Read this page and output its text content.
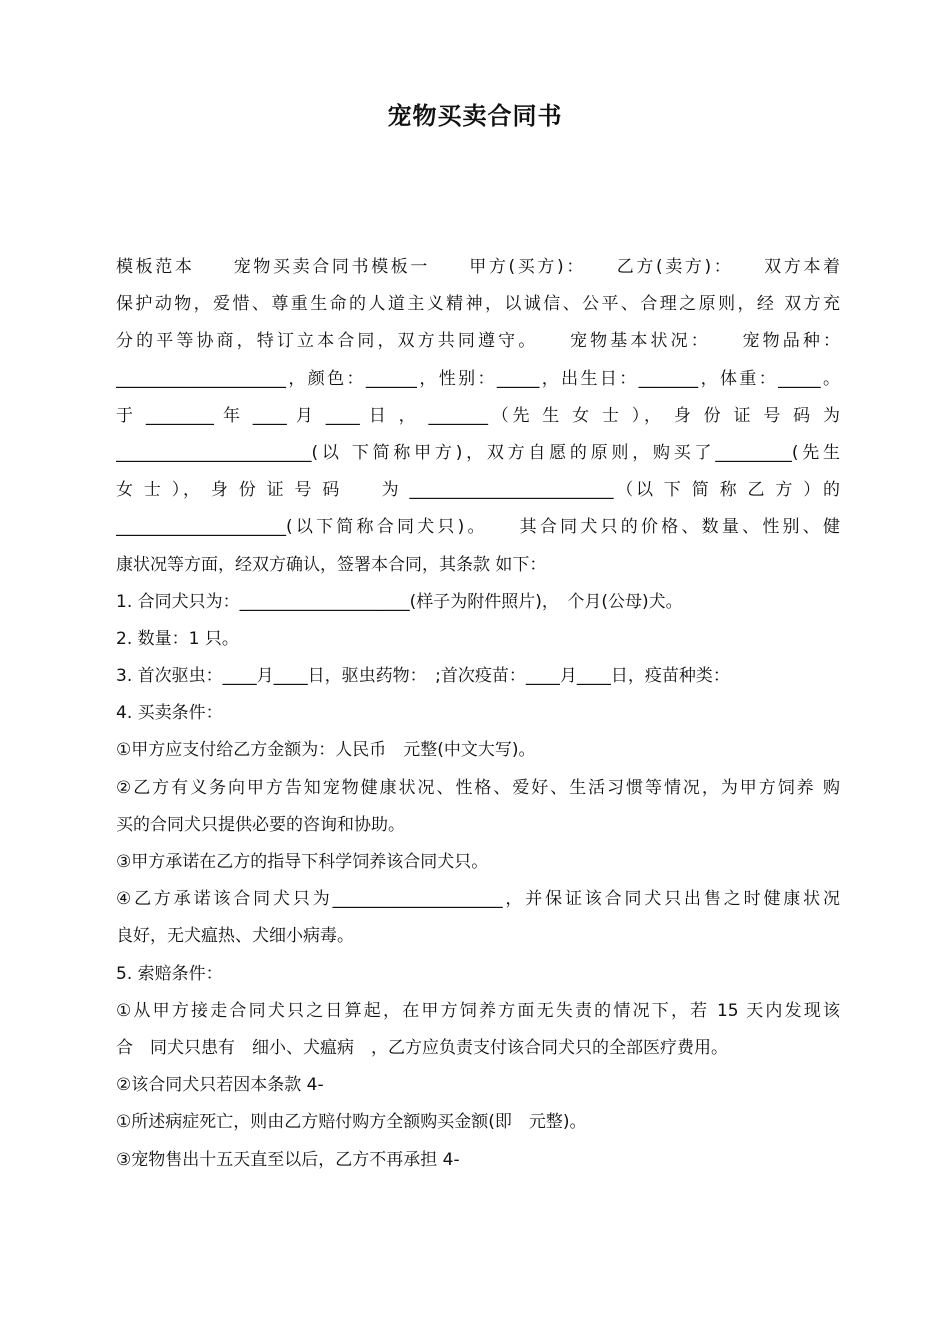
宠物买卖合同书
模板范本　　宠物买卖合同书模板一　　甲方(买方)：　　乙方(卖方)：　　双方本着
保护动物，爱惜、尊重生命的人道主义精神，以诚信、公平、合理之原则，经 双方充
分的平等协商，特订立本合同，双方共同遵守。　　宠物基本状况：　　宠物品种：
____________________，颜色：______，性别：_____，出生日：_______，体重：_____。
于 ________ 年 ____ 月 ____ 日 ， _______（先 生 女 士 ）， 身 份 证 号 码 为
_______________________(以 下简称甲方)，双方自愿的原则，购买了_________(先生
女 士 ）， 身 份 证 号 码　　为 ________________________（以 下 简 称 乙 方 ）的
____________________(以下简称合同犬只)。　　其合同犬只的价格、数量、性别、健
康状况等方面，经双方确认，签署本合同，其条款 如下：
1. 合同犬只为：____________________(样子为附件照片)，　个月(公母)犬。
2. 数量：1 只。
3. 首次驱虫：____月____日，驱虫药物：　;首次疫苗：____月____日，疫苗种类：
4. 买卖条件：
①甲方应支付给乙方金额为：人民币　元整(中文大写)。
②乙方有义务向甲方告知宠物健康状况、性格、爱好、生活习惯等情况，为甲方饲养 购
买的合同犬只提供必要的咨询和协助。
③甲方承诺在乙方的指导下科学饲养该合同犬只。
④乙方承诺该合同犬只为____________________，并保证该合同犬只出售之时健康状况
良好，无犬瘟热、犬细小病毒。
5. 索赔条件：
①从甲方接走合同犬只之日算起，在甲方饲养方面无失责的情况下，若 15 天内发现该
合　同犬只患有　细小、犬瘟病　，乙方应负责支付该合同犬只的全部医疗费用。
②该合同犬只若因本条款 4-
①所述病症死亡，则由乙方赔付购方全额购买金额(即　元整)。
③宠物售出十五天直至以后，乙方不再承担 4-
